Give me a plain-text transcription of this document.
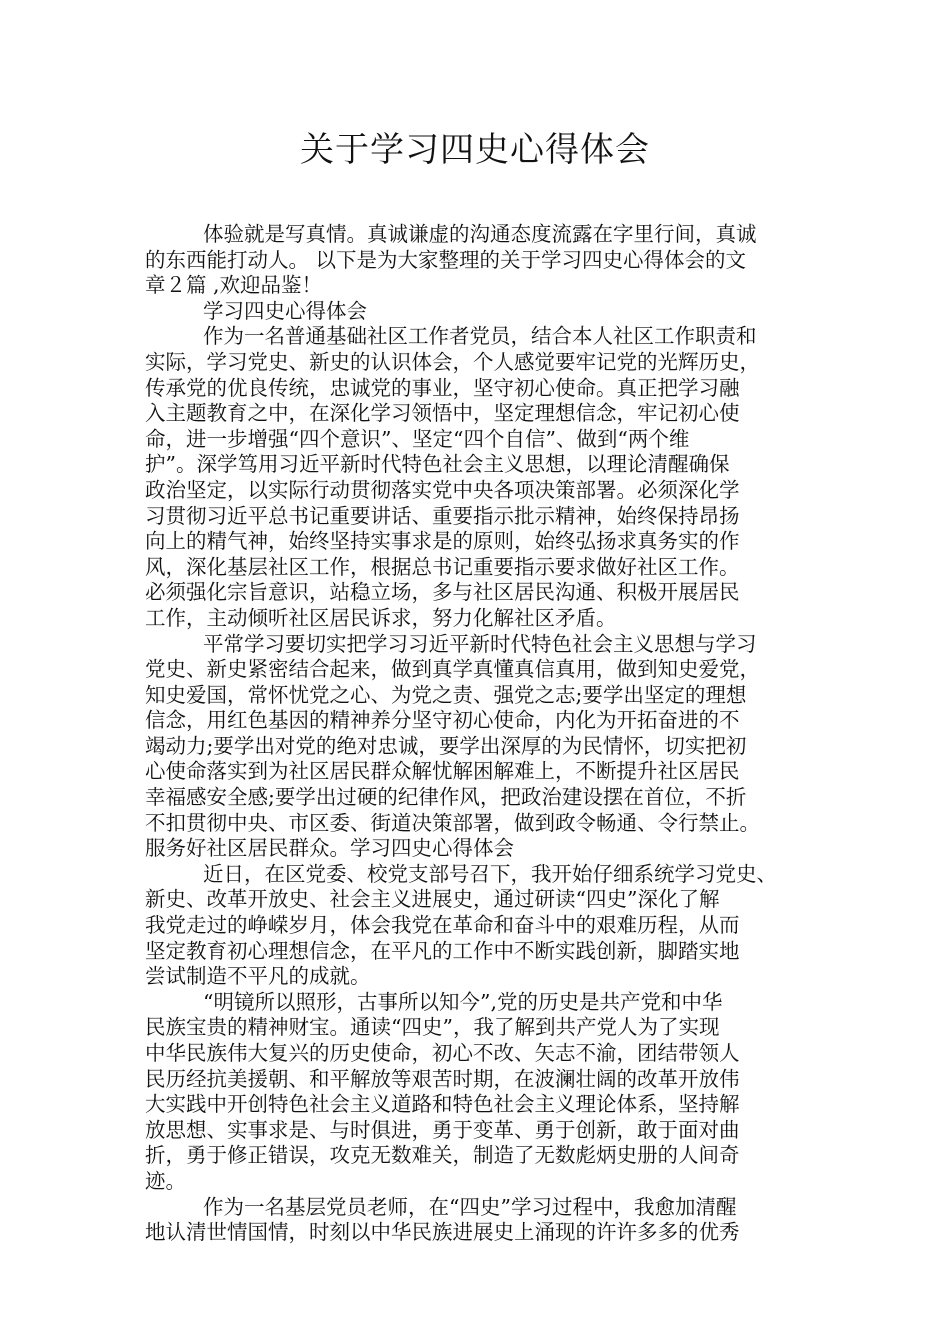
关于学习四史心得体会
体验就是写真情。真诚谦虚的沟通态度流露在字里行间，真诚
的东西能打动人。 以下是为大家整理的关于学习四史心得体会的文
章２篇 ,欢迎品鉴！
学习四史心得体会
作为一名普通基础社区工作者党员，结合本人社区工作职责和
实际，学习党史、新史的认识体会，个人感觉要牢记党的光辉历史，
传承党的优良传统，忠诚党的事业，坚守初心使命。真正把学习融
入主题教育之中，在深化学习领悟中，坚定理想信念，牢记初心使
命，进一步增强“四个意识”、坚定“四个自信”、做到“两个维
护”。深学笃用习近平新时代特色社会主义思想，以理论清醒确保
政治坚定，以实际行动贯彻落实党中央各项决策部署。必须深化学
习贯彻习近平总书记重要讲话、重要指示批示精神，始终保持昂扬
向上的精气神，始终坚持实事求是的原则，始终弘扬求真务实的作
风，深化基层社区工作，根据总书记重要指示要求做好社区工作。
必须强化宗旨意识，站稳立场，多与社区居民沟通、积极开展居民
工作，主动倾听社区居民诉求，努力化解社区矛盾。
平常学习要切实把学习习近平新时代特色社会主义思想与学习
党史、新史紧密结合起来，做到真学真懂真信真用，做到知史爱党，
知史爱国，常怀忧党之心、为党之责、强党之志;要学出坚定的理想
信念，用红色基因的精神养分坚守初心使命，内化为开拓奋进的不
竭动力;要学出对党的绝对忠诚，要学出深厚的为民情怀，切实把初
心使命落实到为社区居民群众解忧解困解难上，不断提升社区居民
幸福感安全感;要学出过硬的纪律作风，把政治建设摆在首位，不折
不扣贯彻中央、市区委、街道决策部署，做到政令畅通、令行禁止。
服务好社区居民群众。学习四史心得体会
近日，在区党委、校党支部号召下，我开始仔细系统学习党史、
新史、改革开放史、社会主义进展史，通过研读“四史”深化了解
我党走过的峥嵘岁月，体会我党在革命和奋斗中的艰难历程，从而
坚定教育初心理想信念，在平凡的工作中不断实践创新，脚踏实地
尝试制造不平凡的成就。
“明镜所以照形，古事所以知今”,党的历史是共产党和中华
民族宝贵的精神财宝。通读“四史”，我了解到共产党人为了实现
中华民族伟大复兴的历史使命，初心不改、矢志不渝，团结带领人
民历经抗美援朝、和平解放等艰苦时期，在波澜壮阔的改革开放伟
大实践中开创特色社会主义道路和特色社会主义理论体系，坚持解
放思想、实事求是、与时俱进，勇于变革、勇于创新，敢于面对曲
折，勇于修正错误，攻克无数难关，制造了无数彪炳史册的人间奇
迹。
作为一名基层党员老师，在“四史”学习过程中，我愈加清醒
地认清世情国情，时刻以中华民族进展史上涌现的许许多多的优秀
